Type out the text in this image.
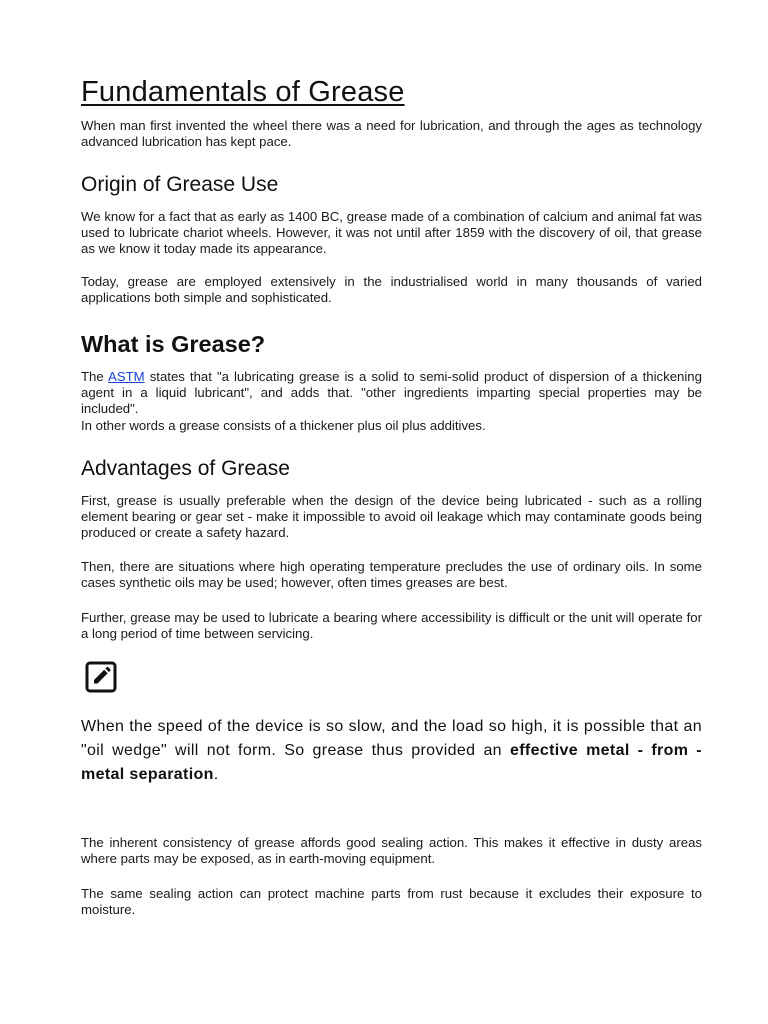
Fundamentals of Grease

When man first invented the wheel there was a need for lubrication, and through the ages as technology advanced lubrication has kept pace.

Origin of Grease Use

We know for a fact that as early as 1400 BC, grease made of a combination of calcium and animal fat was used to lubricate chariot wheels. However, it was not until after 1859 with the discovery of oil, that grease as we know it today made its appearance.

Today, grease are employed extensively in the industrialised world in many thousands of varied applications both simple and sophisticated.

What is Grease?

The ASTM states that "a lubricating grease is a solid to semi-solid product of dispersion of a thickening agent in a liquid lubricant", and adds that. "other ingredients imparting special properties may be included".
In other words a grease consists of a thickener plus oil plus additives.

Advantages of Grease

First, grease is usually preferable when the design of the device being lubricated - such as a rolling element bearing or gear set - make it impossible to avoid oil leakage which may contaminate goods being produced or create a safety hazard.

Then, there are situations where high operating temperature precludes the use of ordinary oils. In some cases synthetic oils may be used; however, often times greases are best.

Further, grease may be used to lubricate a bearing where accessibility is difficult or the unit will operate for a long period of time between servicing.

When the speed of the device is so slow, and the load so high, it is possible that an "oil wedge" will not form. So grease thus provided an effective metal - from - metal separation.

The inherent consistency of grease affords good sealing action. This makes it effective in dusty areas where parts may be exposed, as in earth-moving equipment.

The same sealing action can protect machine parts from rust because it excludes their exposure to moisture.
